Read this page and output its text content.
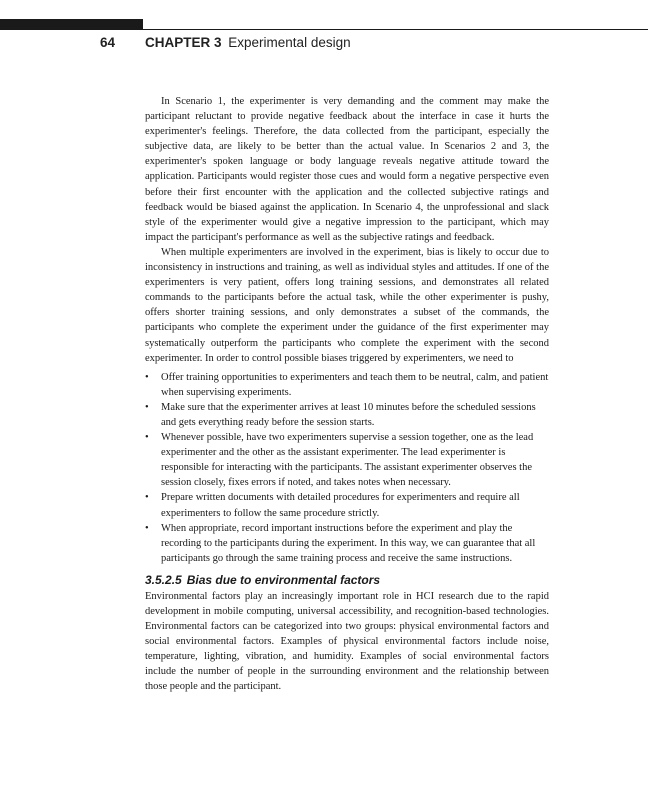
64 CHAPTER 3 Experimental design

In Scenario 1, the experimenter is very demanding and the comment may make the participant reluctant to provide negative feedback about the interface in case it hurts the experimenter's feelings. Therefore, the data collected from the participant, especially the subjective data, are likely to be better than the actual value. In Scenarios 2 and 3, the experimenter's spoken language or body language reveals negative attitude toward the application. Participants would register those cues and would form a negative perspective even before their first encounter with the application and the collected subjective ratings and feedback would be biased against the application. In Scenario 4, the unprofessional and slack style of the experimenter would give a negative impression to the participant, which may impact the participant's performance as well as the subjective ratings and feedback.

When multiple experimenters are involved in the experiment, bias is likely to occur due to inconsistency in instructions and training, as well as individual styles and attitudes. If one of the experimenters is very patient, offers long training sessions, and demonstrates all related commands to the participants before the actual task, while the other experimenter is pushy, offers shorter training sessions, and only demonstrates a subset of the commands, the participants who complete the experiment under the guidance of the first experimenter may systematically outperform the participants who complete the experiment with the second experimenter. In order to control possible biases triggered by experimenters, we need to

• Offer training opportunities to experimenters and teach them to be neutral, calm, and patient when supervising experiments.
• Make sure that the experimenter arrives at least 10 minutes before the scheduled sessions and gets everything ready before the session starts.
• Whenever possible, have two experimenters supervise a session together, one as the lead experimenter and the other as the assistant experimenter. The lead experimenter is responsible for interacting with the participants. The assistant experimenter observes the session closely, fixes errors if noted, and takes notes when necessary.
• Prepare written documents with detailed procedures for experimenters and require all experimenters to follow the same procedure strictly.
• When appropriate, record important instructions before the experiment and play the recording to the participants during the experiment. In this way, we can guarantee that all participants go through the same training process and receive the same instructions.
3.5.2.5 Bias due to environmental factors

Environmental factors play an increasingly important role in HCI research due to the rapid development in mobile computing, universal accessibility, and recognition-based technologies. Environmental factors can be categorized into two groups: physical environmental factors and social environmental factors. Examples of physical environmental factors include noise, temperature, lighting, vibration, and humidity. Examples of social environmental factors include the number of people in the surrounding environment and the relationship between those people and the participant.
